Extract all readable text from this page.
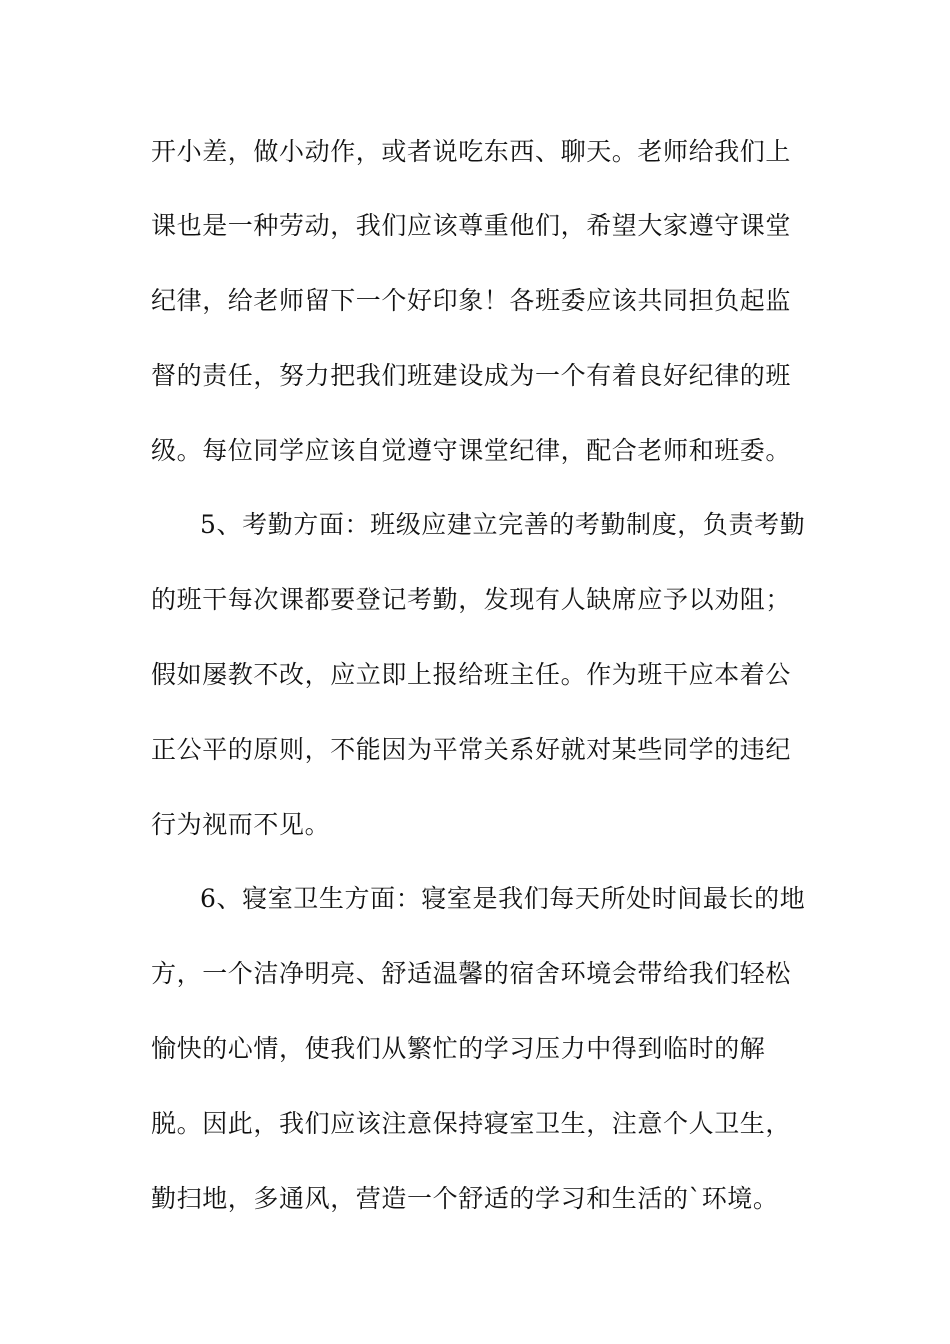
开小差，做小动作，或者说吃东西、聊天。老师给我们上
课也是一种劳动，我们应该尊重他们，希望大家遵守课堂
纪律，给老师留下一个好印象！各班委应该共同担负起监
督的责任，努力把我们班建设成为一个有着良好纪律的班
级。每位同学应该自觉遵守课堂纪律，配合老师和班委。
5、考勤方面：班级应建立完善的考勤制度，负责考勤
的班干每次课都要登记考勤，发现有人缺席应予以劝阻；
假如屡教不改，应立即上报给班主任。作为班干应本着公
正公平的原则，不能因为平常关系好就对某些同学的违纪
行为视而不见。
6、寝室卫生方面：寝室是我们每天所处时间最长的地
方，一个洁净明亮、舒适温馨的宿舍环境会带给我们轻松
愉快的心情，使我们从繁忙的学习压力中得到临时的解
脱。因此，我们应该注意保持寝室卫生，注意个人卫生，
勤扫地，多通风，营造一个舒适的学习和生活的`环境。
